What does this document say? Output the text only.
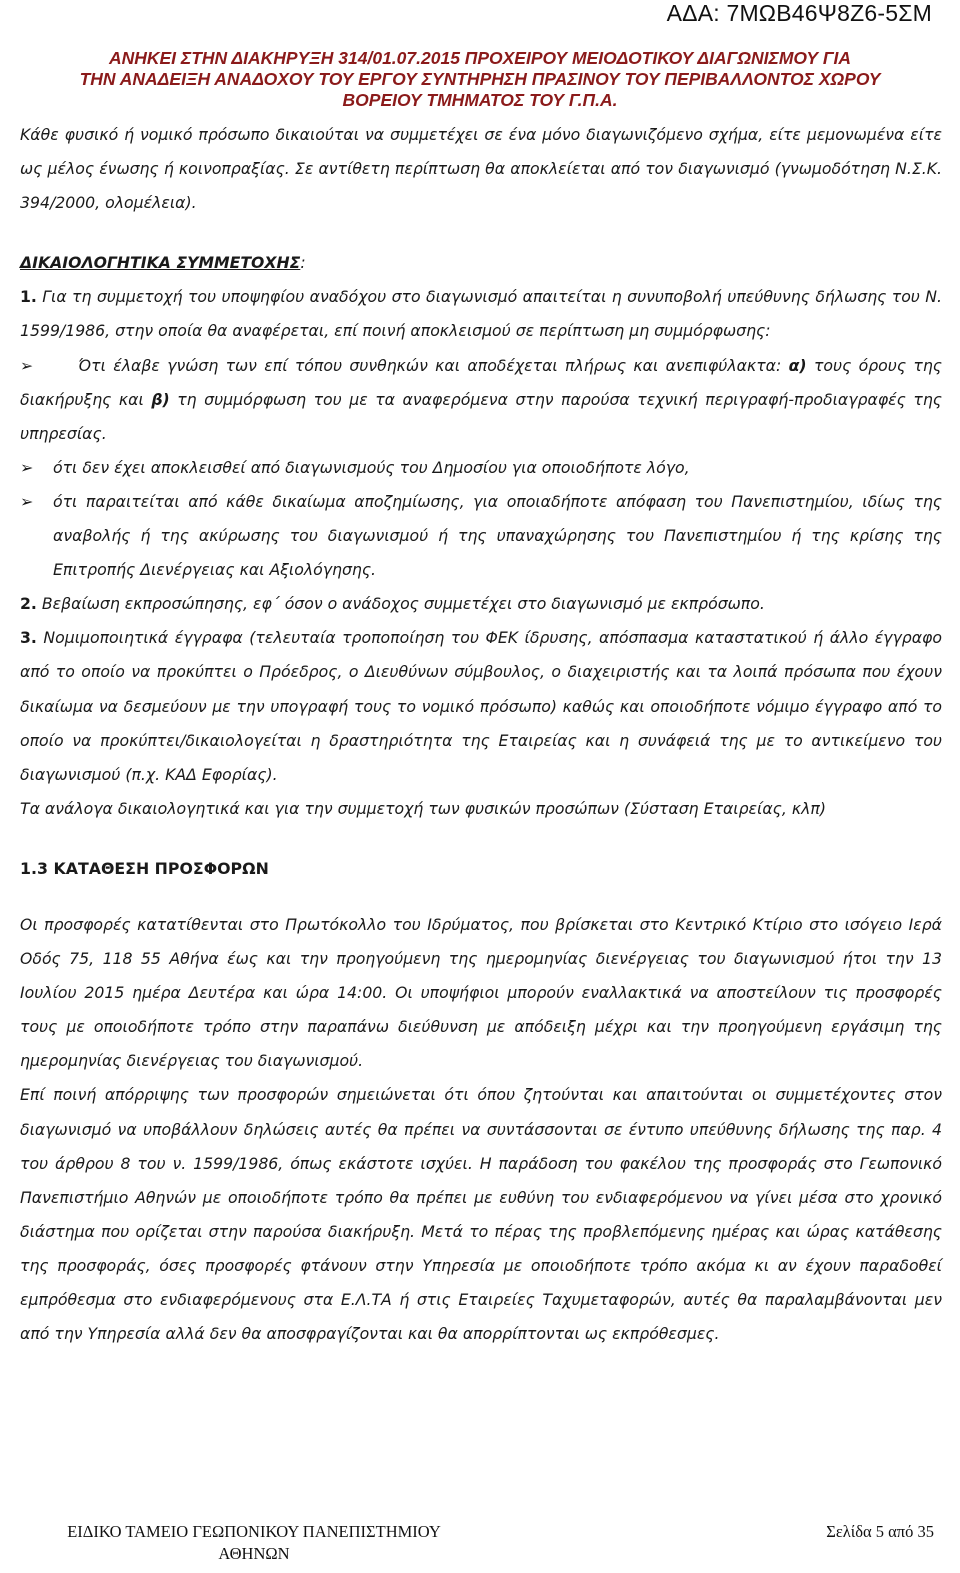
ΑΔΑ: 7ΜΩΒ46Ψ8Ζ6-5ΣΜ
ΑΝΗΚΕΙ ΣΤΗΝ ΔΙΑΚΗΡΥΞΗ 314/01.07.2015 ΠΡΟΧΕΙΡΟΥ ΜΕΙΟΔΟΤΙΚΟΥ ΔΙΑΓΩΝΙΣΜΟΥ ΓΙΑ
ΤΗΝ ΑΝΑΔΕΙΞΗ ΑΝΑΔΟΧΟΥ ΤΟΥ ΕΡΓΟΥ ΣΥΝΤΗΡΗΣΗ ΠΡΑΣΙΝΟΥ ΤΟΥ ΠΕΡΙΒΑΛΛΟΝΤΟΣ ΧΩΡΟΥ
ΒΟΡΕΙΟΥ ΤΜΗΜΑΤΟΣ ΤΟΥ Γ.Π.Α.

Κάθε φυσικό ή νομικό πρόσωπο δικαιούται να συμμετέχει σε ένα μόνο διαγωνιζόμενο σχήμα, είτε μεμονωμένα είτε ως μέλος ένωσης ή κοινοπραξίας. Σε αντίθετη περίπτωση θα αποκλείεται από τον διαγωνισμό (γνωμοδότηση Ν.Σ.Κ. 394/2000, ολομέλεια).

ΔΙΚΑΙΟΛΟΓΗΤΙΚΑ ΣΥΜΜΕΤΟΧΗΣ:

1. Για τη συμμετοχή του υποψηφίου αναδόχου στο διαγωνισμό απαιτείται η συνυποβολή υπεύθυνης δήλωσης του Ν. 1599/1986, στην οποία θα αναφέρεται, επί ποινή αποκλεισμού σε περίπτωση μη συμμόρφωσης:

➢	Ότι έλαβε γνώση των επί τόπου συνθηκών και αποδέχεται πλήρως και ανεπιφύλακτα: α) τους όρους της διακήρυξης και β) τη συμμόρφωση του με τα αναφερόμενα στην παρούσα τεχνική περιγραφή-προδιαγραφές της υπηρεσίας.

➢ ότι δεν έχει αποκλεισθεί από διαγωνισμούς του Δημοσίου για οποιοδήποτε λόγο,

➢ ότι παραιτείται από κάθε δικαίωμα αποζημίωσης, για οποιαδήποτε απόφαση του Πανεπιστημίου, ιδίως της αναβολής ή της ακύρωσης του διαγωνισμού ή της υπαναχώρησης του Πανεπιστημίου ή της κρίσης της Επιτροπής Διενέργειας και Αξιολόγησης.

2. Βεβαίωση εκπροσώπησης, εφ΄ όσον ο ανάδοχος συμμετέχει στο διαγωνισμό με εκπρόσωπο.

3. Νομιμοποιητικά έγγραφα (τελευταία τροποποίηση του ΦΕΚ ίδρυσης, απόσπασμα καταστατικού ή άλλο έγγραφο από το οποίο να προκύπτει ο Πρόεδρος, ο Διευθύνων σύμβουλος, ο διαχειριστής και τα λοιπά πρόσωπα που έχουν δικαίωμα να δεσμεύουν με την υπογραφή τους το νομικό πρόσωπο) καθώς και οποιοδήποτε νόμιμο έγγραφο από το οποίο να προκύπτει/δικαιολογείται η δραστηριότητα της Εταιρείας και η συνάφειά της με το αντικείμενο του διαγωνισμού (π.χ. ΚΑΔ Εφορίας).

Τα ανάλογα δικαιολογητικά και για την συμμετοχή των φυσικών προσώπων (Σύσταση Εταιρείας, κλπ)

1.3 ΚΑΤΑΘΕΣΗ ΠΡΟΣΦΟΡΩΝ

Οι προσφορές κατατίθενται στο Πρωτόκολλο του Ιδρύματος, που βρίσκεται στο Κεντρικό Κτίριο στο ισόγειο Ιερά Οδός 75, 118 55 Αθήνα έως και την προηγούμενη της ημερομηνίας διενέργειας του διαγωνισμού ήτοι την 13 Ιουλίου 2015 ημέρα Δευτέρα και ώρα 14:00. Οι υποψήφιοι μπορούν εναλλακτικά να αποστείλουν τις προσφορές τους με οποιοδήποτε τρόπο στην παραπάνω διεύθυνση με απόδειξη μέχρι και την προηγούμενη εργάσιμη της ημερομηνίας διενέργειας του διαγωνισμού.

Επί ποινή απόρριψης των προσφορών σημειώνεται ότι όπου ζητούνται και απαιτούνται οι συμμετέχοντες στον διαγωνισμό να υποβάλλουν δηλώσεις αυτές θα πρέπει να συντάσσονται σε έντυπο υπεύθυνης δήλωσης της παρ. 4 του άρθρου 8 του ν. 1599/1986, όπως εκάστοτε ισχύει. Η παράδοση του φακέλου της προσφοράς στο Γεωπονικό Πανεπιστήμιο Αθηνών με οποιοδήποτε τρόπο θα πρέπει με ευθύνη του ενδιαφερόμενου να γίνει μέσα στο χρονικό διάστημα που ορίζεται στην παρούσα διακήρυξη. Μετά το πέρας της προβλεπόμενης ημέρας και ώρας κατάθεσης της προσφοράς, όσες προσφορές φτάνουν στην Υπηρεσία με οποιοδήποτε τρόπο ακόμα κι αν έχουν παραδοθεί εμπρόθεσμα στο ενδιαφερόμενους στα Ε.Λ.ΤΑ ή στις Εταιρείες Ταχυμεταφορών, αυτές θα παραλαμβάνονται μεν από την Υπηρεσία αλλά δεν θα αποσφραγίζονται και θα απορρίπτονται ως εκπρόθεσμες.

ΕΙΔΙΚΟ ΤΑΜΕΙΟ ΓΕΩΠΟΝΙΚΟΥ ΠΑΝΕΠΙΣΤΗΜΙΟΥ
ΑΘΗΝΩΝ
Σελίδα 5 από 35
